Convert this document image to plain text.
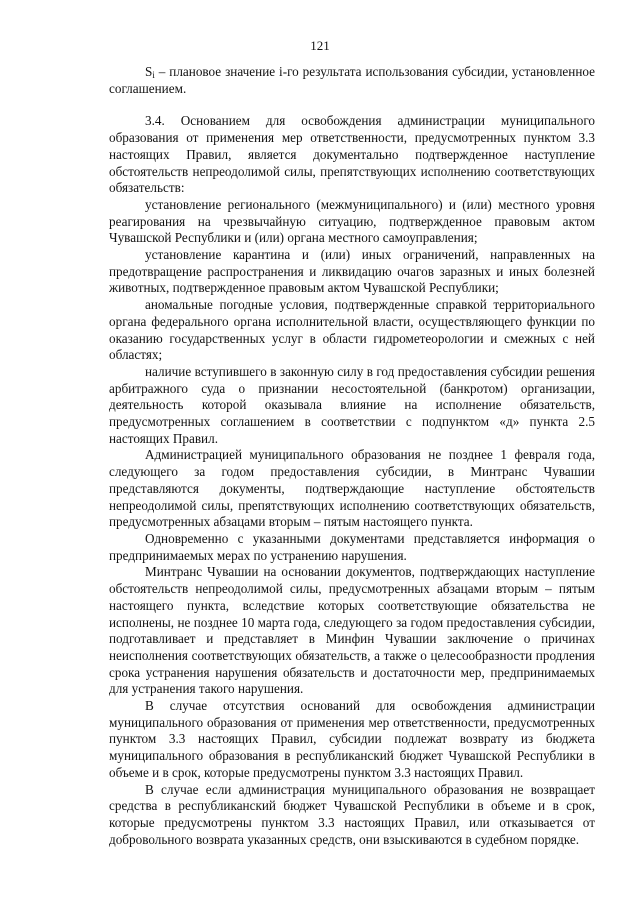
121

$S_i$ – плановое значение i-го результата использования субсидии, установленное соглашением.

3.4. Основанием для освобождения администрации муниципального образования от применения мер ответственности, предусмотренных пунктом 3.3 настоящих Правил, является документально подтвержденное наступление обстоятельств непреодолимой силы, препятствующих исполнению соответствующих обязательств:

установление регионального (межмуниципального) и (или) местного уровня реагирования на чрезвычайную ситуацию, подтвержденное правовым актом Чувашской Республики и (или) органа местного самоуправления;

установление карантина и (или) иных ограничений, направленных на предотвращение распространения и ликвидацию очагов заразных и иных болезней животных, подтвержденное правовым актом Чувашской Республики;

аномальные погодные условия, подтвержденные справкой территориального органа федерального органа исполнительной власти, осуществляющего функции по оказанию государственных услуг в области гидрометеорологии и смежных с ней областях;

наличие вступившего в законную силу в год предоставления субсидии решения арбитражного суда о признании несостоятельной (банкротом) организации, деятельность которой оказывала влияние на исполнение обязательств, предусмотренных соглашением в соответствии с подпунктом «д» пункта 2.5 настоящих Правил.

Администрацией муниципального образования не позднее 1 февраля года, следующего за годом предоставления субсидии, в Минтранс Чувашии представляются документы, подтверждающие наступление обстоятельств непреодолимой силы, препятствующих исполнению соответствующих обязательств, предусмотренных абзацами вторым – пятым настоящего пункта.

Одновременно с указанными документами представляется информация о предпринимаемых мерах по устранению нарушения.

Минтранс Чувашии на основании документов, подтверждающих наступление обстоятельств непреодолимой силы, предусмотренных абзацами вторым – пятым настоящего пункта, вследствие которых соответствующие обязательства не исполнены, не позднее 10 марта года, следующего за годом предоставления субсидии, подготавливает и представляет в Минфин Чувашии заключение о причинах неисполнения соответствующих обязательств, а также о целесообразности продления срока устранения нарушения обязательств и достаточности мер, предпринимаемых для устранения такого нарушения.

В случае отсутствия оснований для освобождения администрации муниципального образования от применения мер ответственности, предусмотренных пунктом 3.3 настоящих Правил, субсидии подлежат возврату из бюджета муниципального образования в республиканский бюджет Чувашской Республики в объеме и в срок, которые предусмотрены пунктом 3.3 настоящих Правил.

В случае если администрация муниципального образования не возвращает средства в республиканский бюджет Чувашской Республики в объеме и в срок, которые предусмотрены пунктом 3.3 настоящих Правил, или отказывается от добровольного возврата указанных средств, они взыскиваются в судебном порядке.
